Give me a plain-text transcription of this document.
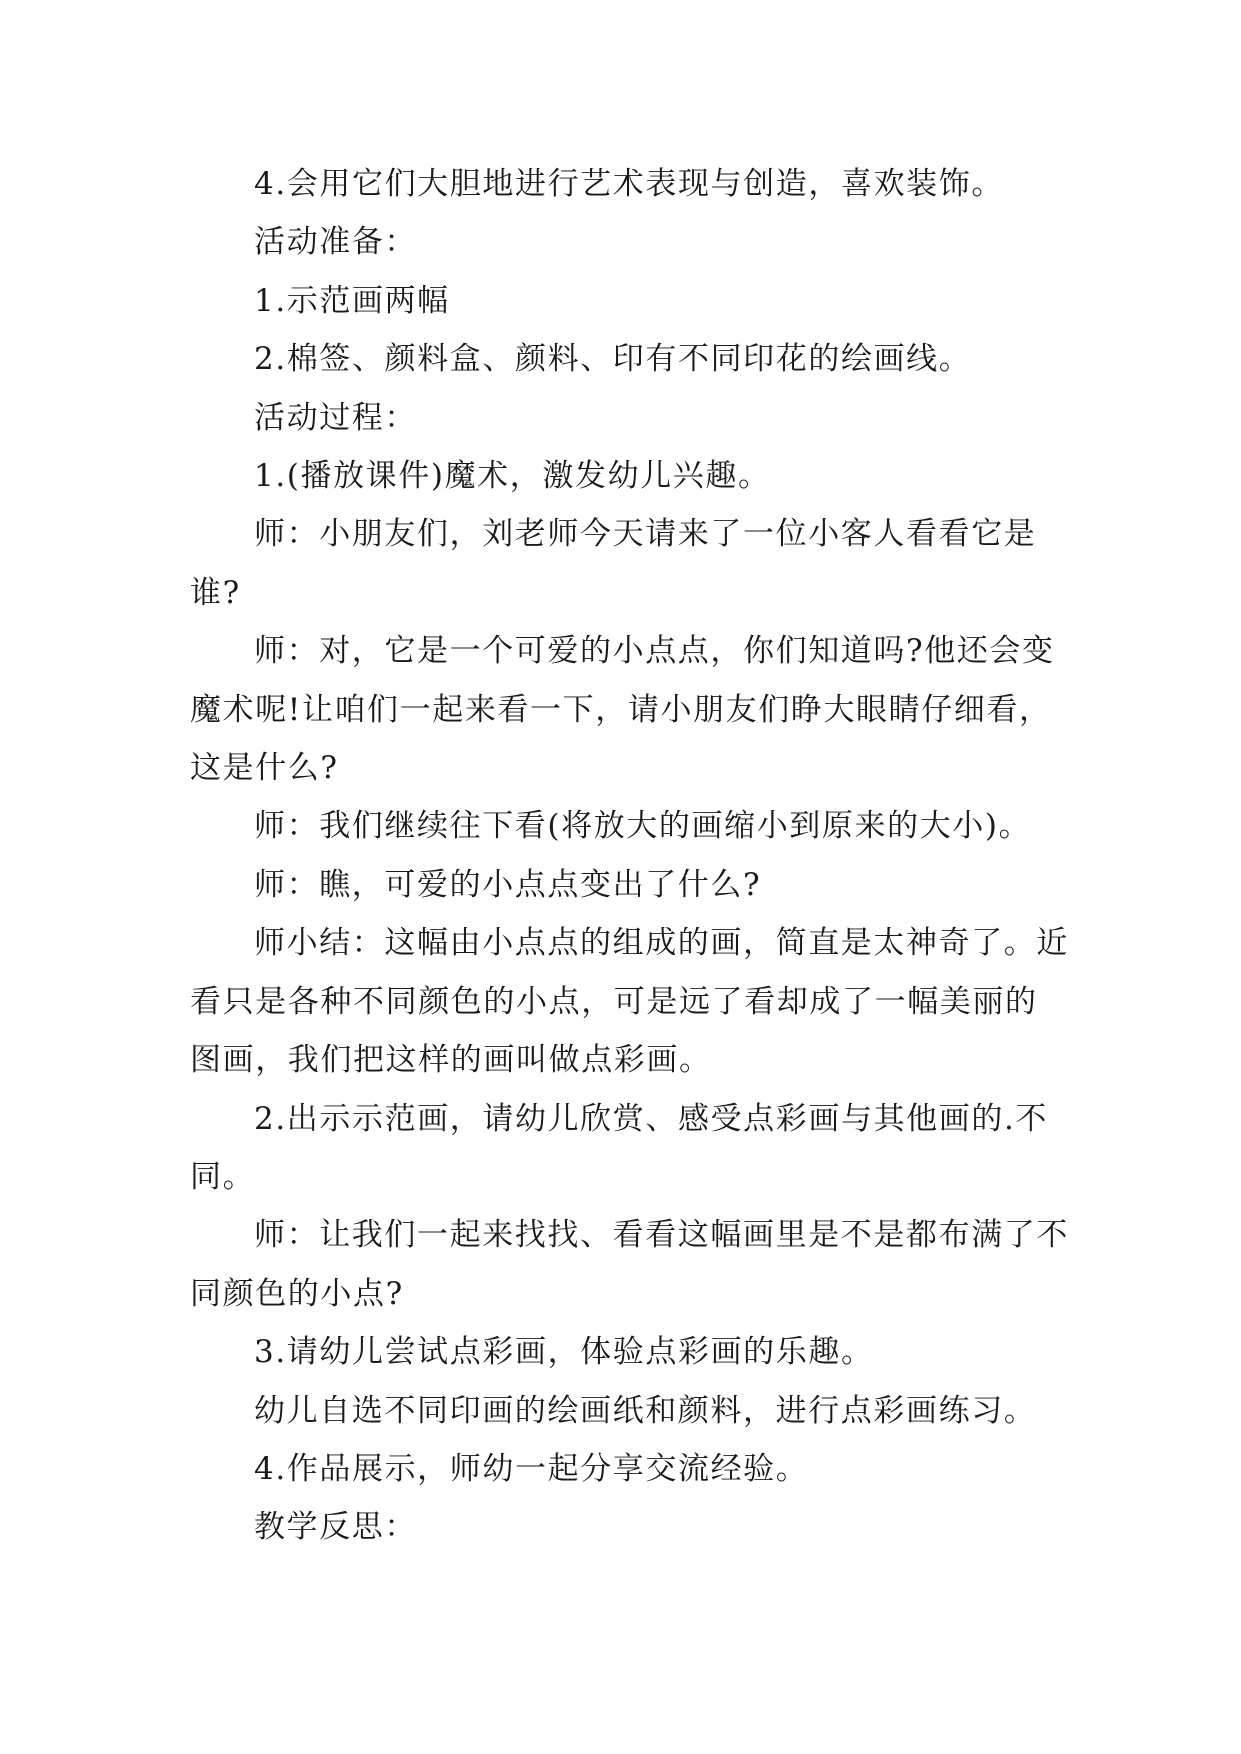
4.会用它们大胆地进行艺术表现与创造，喜欢装饰。

活动准备：

1.示范画两幅

2.棉签、颜料盒、颜料、印有不同印花的绘画线。

活动过程：

1.(播放课件)魔术，激发幼儿兴趣。

师：小朋友们，刘老师今天请来了一位小客人看看它是谁?

师：对，它是一个可爱的小点点，你们知道吗?他还会变魔术呢!让咱们一起来看一下，请小朋友们睁大眼睛仔细看，这是什么?

师：我们继续往下看(将放大的画缩小到原来的大小)。

师：瞧，可爱的小点点变出了什么?

师小结：这幅由小点点的组成的画，简直是太神奇了。近看只是各种不同颜色的小点，可是远了看却成了一幅美丽的图画，我们把这样的画叫做点彩画。

2.出示示范画，请幼儿欣赏、感受点彩画与其他画的.不同。

师：让我们一起来找找、看看这幅画里是不是都布满了不同颜色的小点?

3.请幼儿尝试点彩画，体验点彩画的乐趣。

幼儿自选不同印画的绘画纸和颜料，进行点彩画练习。

4.作品展示，师幼一起分享交流经验。

教学反思：
